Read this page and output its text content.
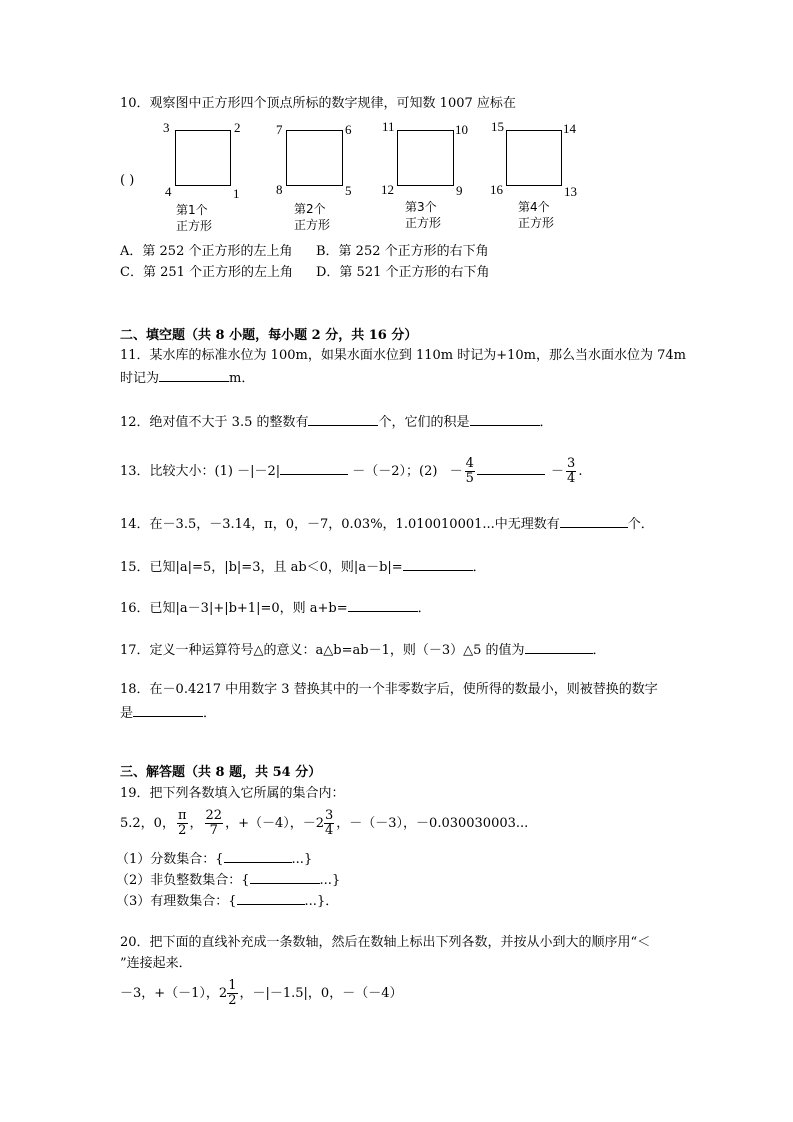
10．观察图中正方形四个顶点所标的数字规律，可知数 1007 应标在
( )
3	2
4	1
第1个
正方形
7	6
8	5
第2个
正方形
11	10
12	9
第3个
正方形
15	14
16	13
第4个
正方形
A．第 252 个正方形的左上角 B．第 252 个正方形的右下角
C．第 251 个正方形的左上角 D．第 521 个正方形的右下角
二、填空题（共 8 小题，每小题 2 分，共 16 分）
11．某水库的标准水位为 100m，如果水面水位到 110m 时记为+10m，那么当水面水位为 74m
时记为	m．
12．绝对值不大于 3.5 的整数有	个，它们的积是	．
13．比较大小：(1) －|－2|	－（－2）；$(2) - \frac{4}{5}$	－ $\frac{3}{4}$ .
14．在－3.5，－3.14，π，0，－7，0.03%，1.010010001...中无理数有	个．
15．已知|a|=5，|b|=3，且 ab＜0，则|a－b|=	．
16．已知|a－3|+|b+1|=0，则 a+b=	．
17．定义一种运算符号△的意义：a△b=ab－1，则（－3）△5 的值为	．
18．在－0.4217 中用数字 3 替换其中的一个非零数字后，使所得的数最小，则被替换的数字
是	．
三、解答题（共 8 题，共 54 分）
19．把下列各数填入它所属的集合内：
5.2，0， $\frac{\pi}{2}$ ， $\frac{22}{7}$ ，+（－4），$-2 \frac{3}{4}$ ，－（－3），－0.030030003...
（1）分数集合：{	...}
（2）非负整数集合：{	...}
（3）有理数集合：{	...}．
20．把下面的直线补充成一条数轴，然后在数轴上标出下列各数，并按从小到大的顺序用“＜
”连接起来．
－3，+（－1），$2 \frac{1}{2}$ ，－|－1.5|，0，－（－4）
